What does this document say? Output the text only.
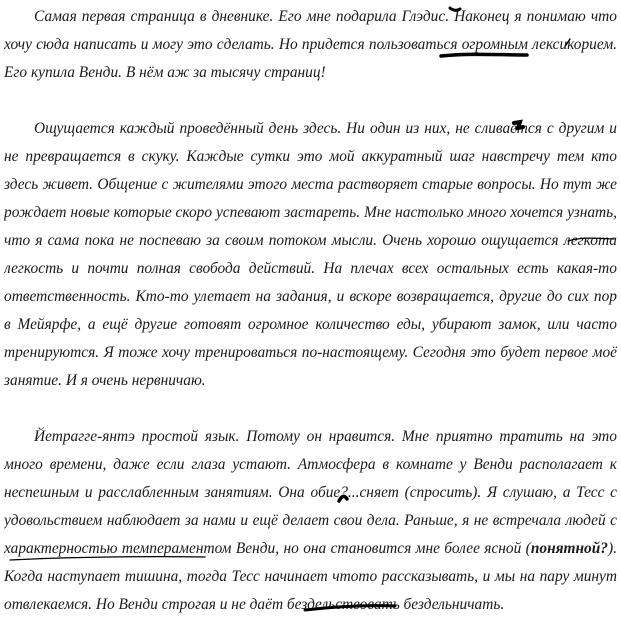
Самая первая страница в дневнике. Его мне подарила Глэдис. Наконец я понимаю что
хочу сюда написать и могу это сделать. Но придется пользоваться огромным лексикорием.
Его купила Венди. В нём аж за тысячу страниц!
Ощущается каждый проведённый день здесь. Ни один из них, не сливается с другим и
не превращается в скуку. Каждые сутки это мой аккуратный шаг навстречу тем кто
здесь живет. Общение с жителями этого места растворяет старые вопросы. Но тут же
рождает новые которые скоро успевают застареть. Мне настолько много хочется узнать,
что я сама пока не поспеваю за своим потоком мысли. Очень хорошо ощущается легкота
легкость и почти полная свобода действий. На плечах всех остальных есть какая-то
ответственность. Кто-то улетает на задания, и вскоре возвращается, другие до сих пор
в Мейярфе, а ещё другие готовят огромное количество еды, убирают замок, или часто
тренируются. Я тоже хочу тренироваться по-настоящему. Сегодня это будет первое моё
занятие. И я очень нервничаю.
Йетрагге-янтэ простой язык. Потому он нравится. Мне приятно тратить на это
много времени, даже если глаза устают. Атмосфера в комнате у Венди располагает к
неспешным и расслабленным занятиям. Она обие?...сняет (спросить). Я слушаю, а Тесс с
удовольствием наблюдает за нами и ещё делает свои дела. Раньше, я не встречала людей с
характерностью темпераментом Венди, но она становится мне более ясной (понятной?).
Когда наступает тишина, тогда Тесс начинает чтото рассказывать, и мы на пару минут
отвлекаемся. Но Венди строгая и не даёт бездельствовать бездельничать.
